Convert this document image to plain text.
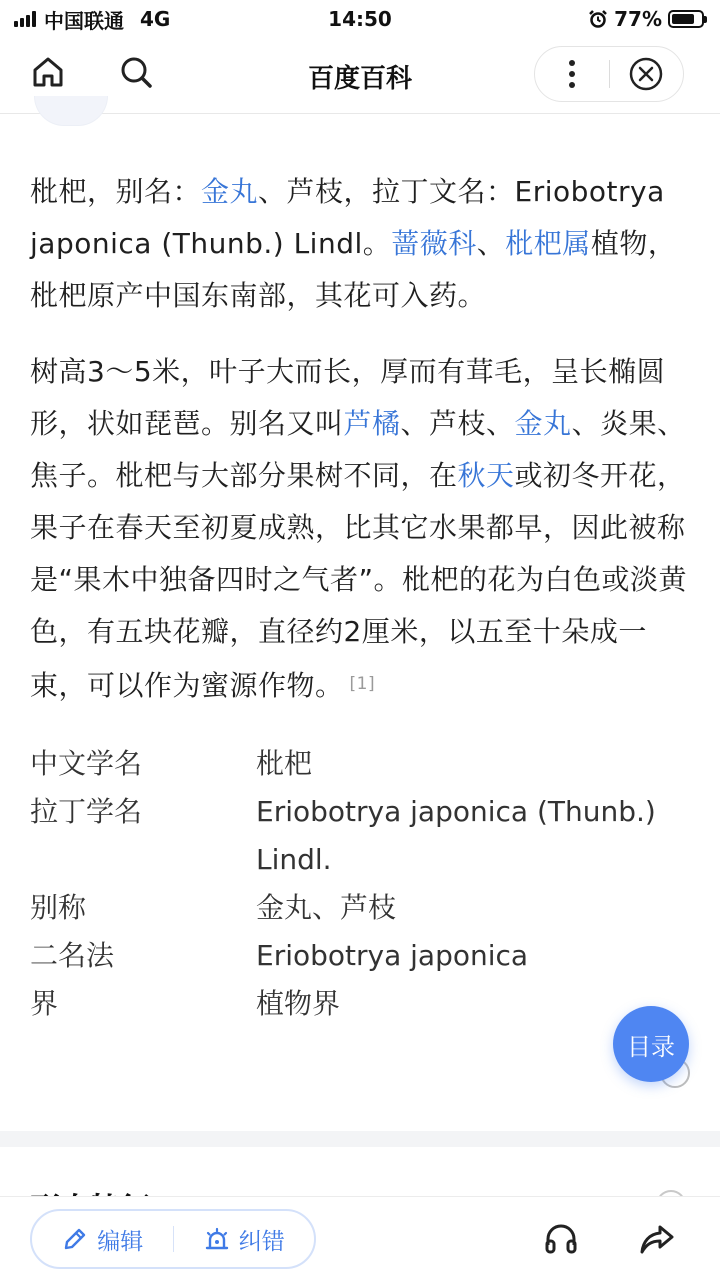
中国联通 4G	14:50	77%
百度百科

枇杷，别名：金丸、芦枝，拉丁文名：Eriobotrya japonica (Thunb.) Lindl。蔷薇科、枇杷属植物，枇杷原产中国东南部，其花可入药。

树高3～5米，叶子大而长，厚而有茸毛，呈长椭圆形，状如琵琶。别名又叫芦橘、芦枝、金丸、炎果、焦子。枇杷与大部分果树不同，在秋天或初冬开花，果子在春天至初夏成熟，比其它水果都早，因此被称是“果木中独备四时之气者”。枇杷的花为白色或淡黄色，有五块花瓣，直径约2厘米，以五至十朵成一束，可以作为蜜源作物。 [1]

中文学名	枇杷
拉丁学名	Eriobotrya japonica (Thunb.) Lindl.
别称	金丸、芦枝
二名法	Eriobotrya japonica
界	植物界
目录
编辑	纠错
